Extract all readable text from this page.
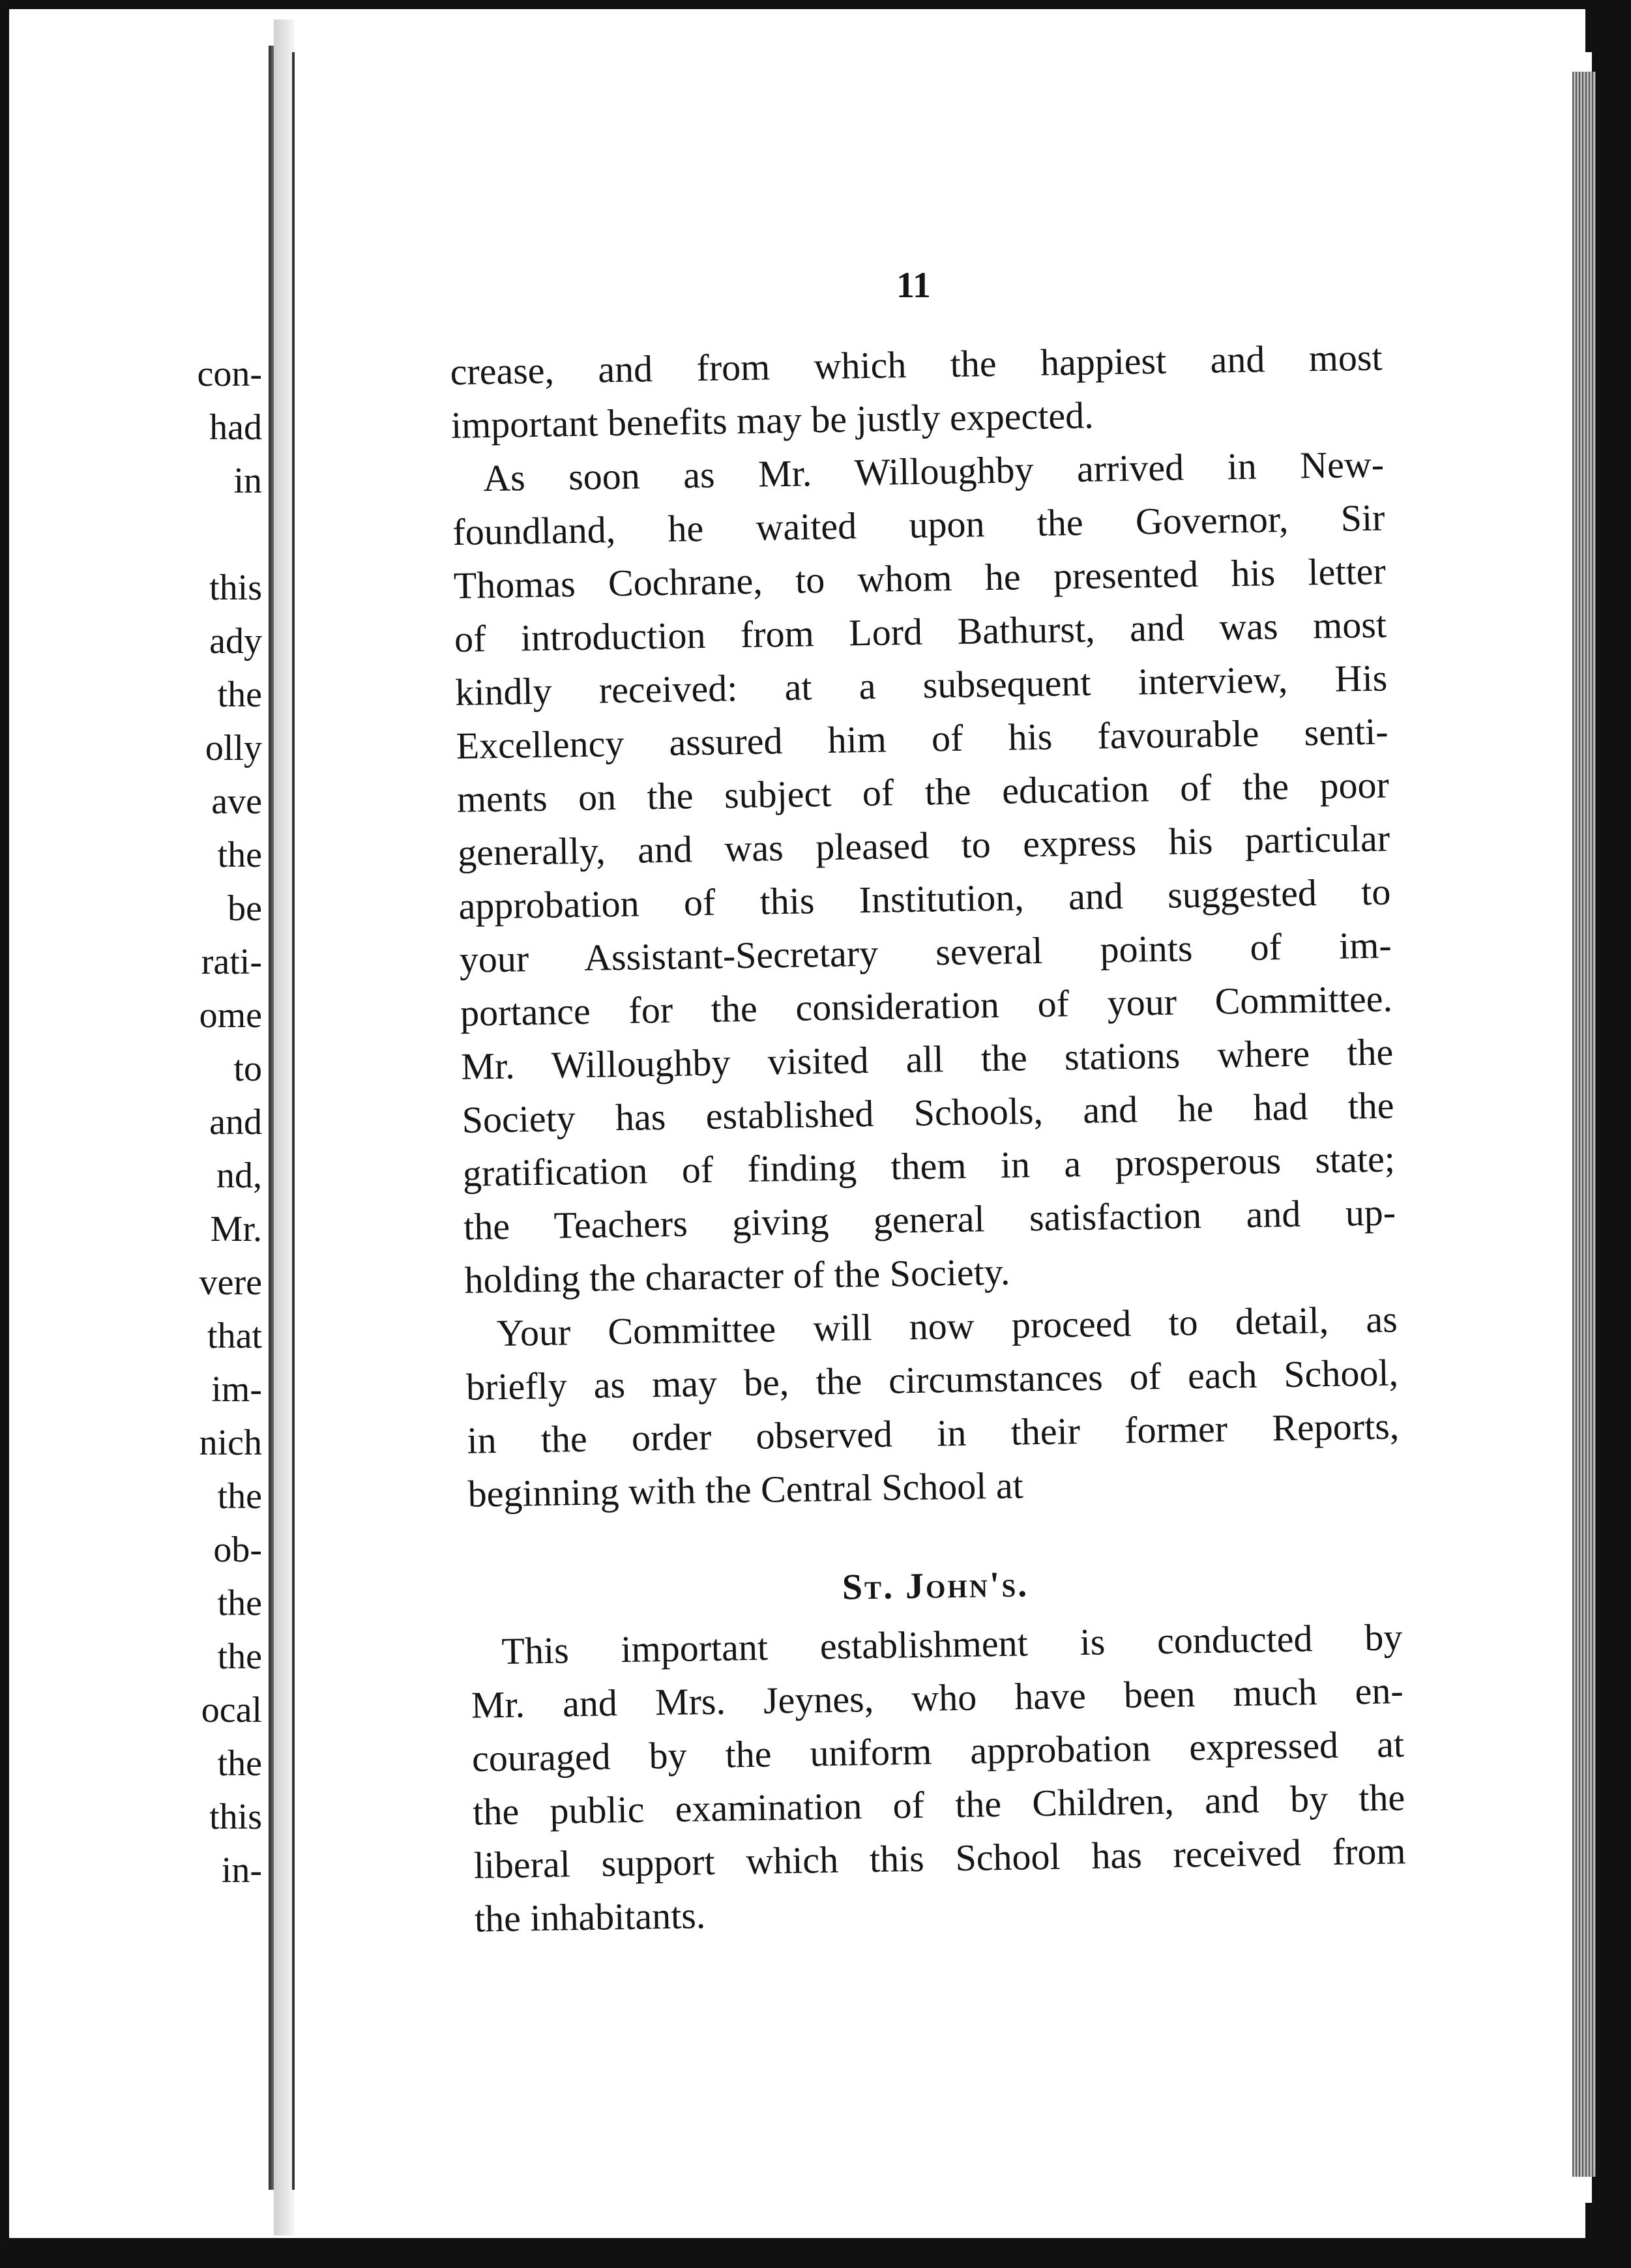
con-
had
in
this
ady
the
olly
ave
the
be
rati-
ome
to
and
nd,
Mr.
vere
that
im-
nich
the
ob-
the
the
ocal
the
this
in-
11
crease, and from which the happiest and most
important benefits may be justly expected.
As soon as Mr. Willoughby arrived in New-
foundland, he waited upon the Governor, Sir
Thomas Cochrane, to whom he presented his letter
of introduction from Lord Bathurst, and was most
kindly received: at a subsequent interview, His
Excellency assured him of his favourable senti-
ments on the subject of the education of the poor
generally, and was pleased to express his particular
approbation of this Institution, and suggested to
your Assistant-Secretary several points of im-
portance for the consideration of your Committee.
Mr. Willoughby visited all the stations where the
Society has established Schools, and he had the
gratification of finding them in a prosperous state;
the Teachers giving general satisfaction and up-
holding the character of the Society.
Your Committee will now proceed to detail, as
briefly as may be, the circumstances of each School,
in the order observed in their former Reports,
beginning with the Central School at
St. John's.
This important establishment is conducted by
Mr. and Mrs. Jeynes, who have been much en-
couraged by the uniform approbation expressed at
the public examination of the Children, and by the
liberal support which this School has received from
the inhabitants.
